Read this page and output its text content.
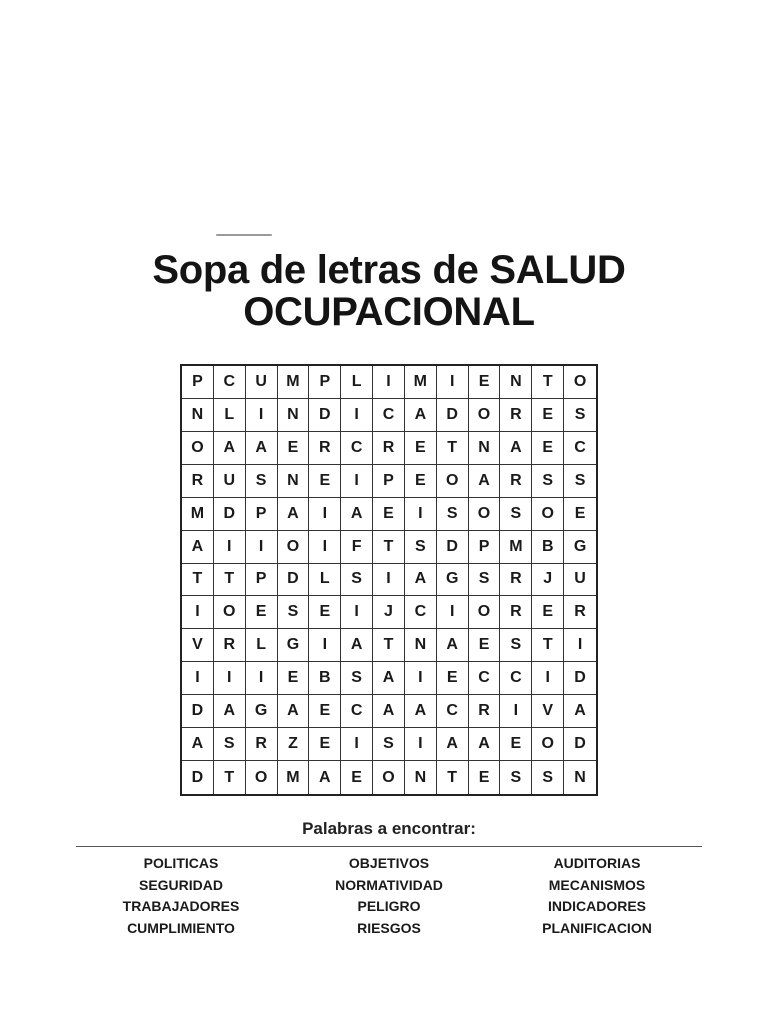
Sopa de letras de SALUD
OCUPACIONAL
P	C	U	M	P	L	I	M	I	E	N	T	O
N	L	I	N	D	I	C	A	D	O	R	E	S
O	A	A	E	R	C	R	E	T	N	A	E	C
R	U	S	N	E	I	P	E	O	A	R	S	S
M	D	P	A	I	A	E	I	S	O	S	O	E
A	I	I	O	I	F	T	S	D	P	M	B	G
T	T	P	D	L	S	I	A	G	S	R	J	U
I	O	E	S	E	I	J	C	I	O	R	E	R
V	R	L	G	I	A	T	N	A	E	S	T	I
I	I	I	E	B	S	A	I	E	C	C	I	D
D	A	G	A	E	C	A	A	C	R	I	V	A
A	S	R	Z	E	I	S	I	A	A	E	O	D
D	T	O	M	A	E	O	N	T	E	S	S	N
Palabras a encontrar:
POLITICAS
SEGURIDAD
TRABAJADORES
CUMPLIMIENTO
OBJETIVOS
NORMATIVIDAD
PELIGRO
RIESGOS
AUDITORIAS
MECANISMOS
INDICADORES
PLANIFICACION
